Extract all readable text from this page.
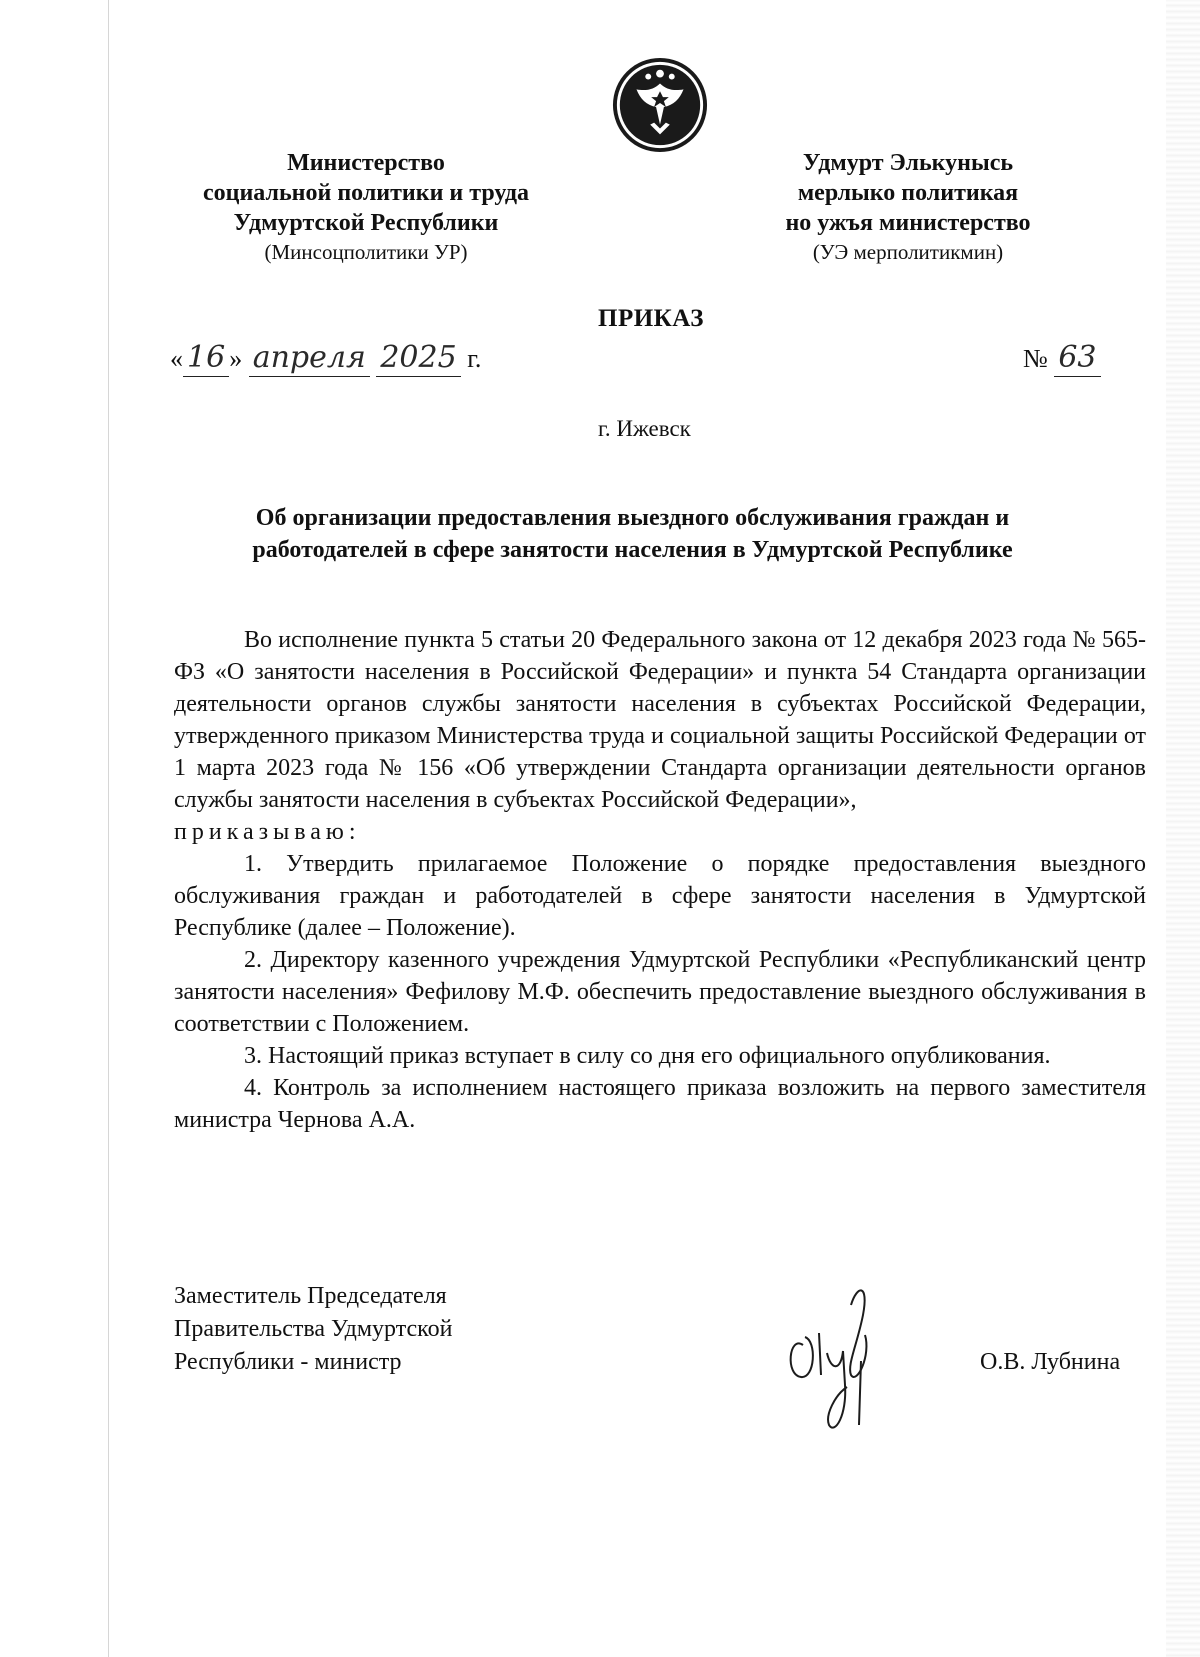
Министерство
социальной политики и труда
Удмуртской Республики
(Минсоцполитики УР)
Удмурт Элькунысь
мерлыко политикая
но ужъя министерство
(УЭ мерполитикмин)
ПРИКАЗ
« 16 » апреля 2025 г.	№ 63
г. Ижевск
Об организации предоставления выездного обслуживания граждан и
работодателей в сфере занятости населения в Удмуртской Республике

Во исполнение пункта 5 статьи 20 Федерального закона от 12 декабря 2023 года № 565-ФЗ «О занятости населения в Российской Федерации» и пункта 54 Стандарта организации деятельности органов службы занятости населения в субъектах Российской Федерации, утвержденного приказом Министерства труда и социальной защиты Российской Федерации от 1 марта 2023 года № 156 «Об утверждении Стандарта организации деятельности органов службы занятости населения в субъектах Российской Федерации»,

приказываю:

1. Утвердить прилагаемое Положение о порядке предоставления выездного обслуживания граждан и работодателей в сфере занятости населения в Удмуртской Республике (далее – Положение).

2. Директору казенного учреждения Удмуртской Республики «Республиканский центр занятости населения» Фефилову М.Ф. обеспечить предоставление выездного обслуживания в соответствии с Положением.

3. Настоящий приказ вступает в силу со дня его официального опубликования.

4. Контроль за исполнением настоящего приказа возложить на первого заместителя министра Чернова А.А.

Заместитель Председателя
Правительства Удмуртской
Республики - министр	О.В. Лубнина
